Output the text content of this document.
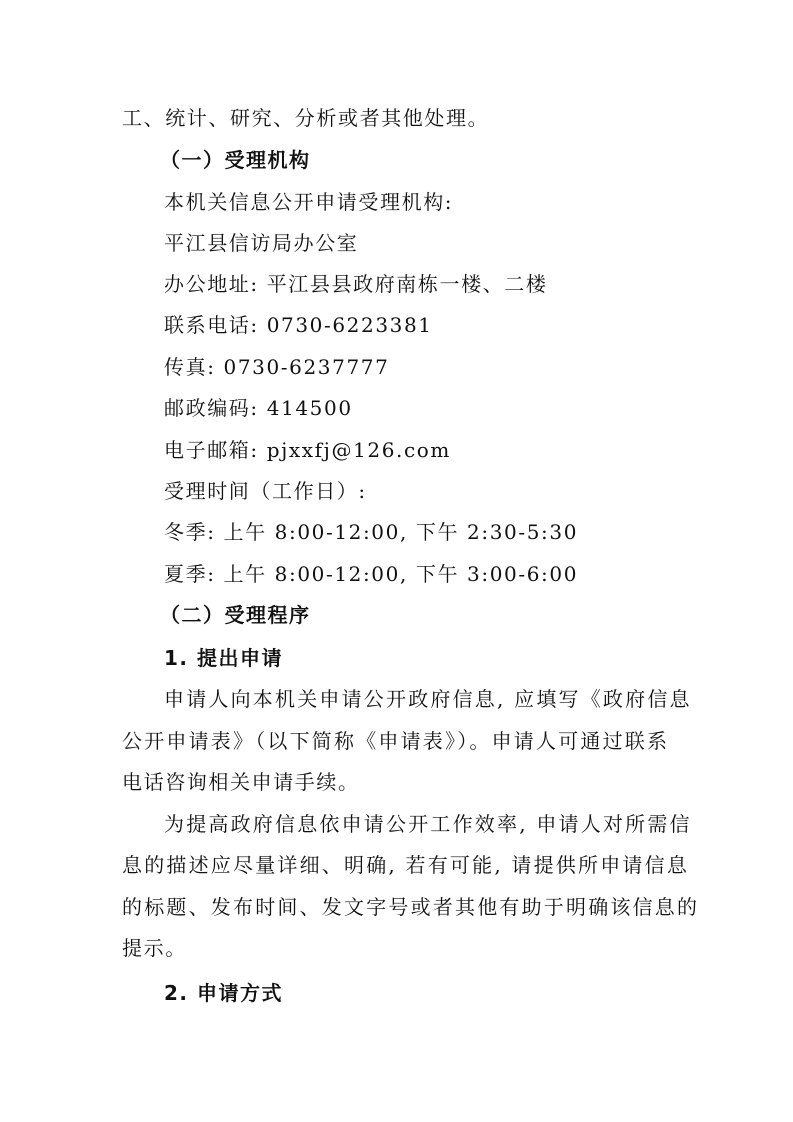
工、统计、研究、分析或者其他处理。
（一）受理机构
本机关信息公开申请受理机构:
平江县信访局办公室
办公地址: 平江县县政府南栋一楼、二楼
联系电话: 0730-6223381
传真: 0730-6237777
邮政编码: 414500
电子邮箱: pjxxfj@126.com
受理时间（工作日）:
冬季: 上午 8:00-12:00, 下午 2:30-5:30
夏季: 上午 8:00-12:00, 下午 3:00-6:00
（二）受理程序
1. 提出申请
申请人向本机关申请公开政府信息, 应填写《政府信息
公开申请表》（以下简称《申请表》）。申请人可通过联系
电话咨询相关申请手续。
为提高政府信息依申请公开工作效率, 申请人对所需信
息的描述应尽量详细、明确, 若有可能, 请提供所申请信息
的标题、发布时间、发文字号或者其他有助于明确该信息的
提示。
2. 申请方式
